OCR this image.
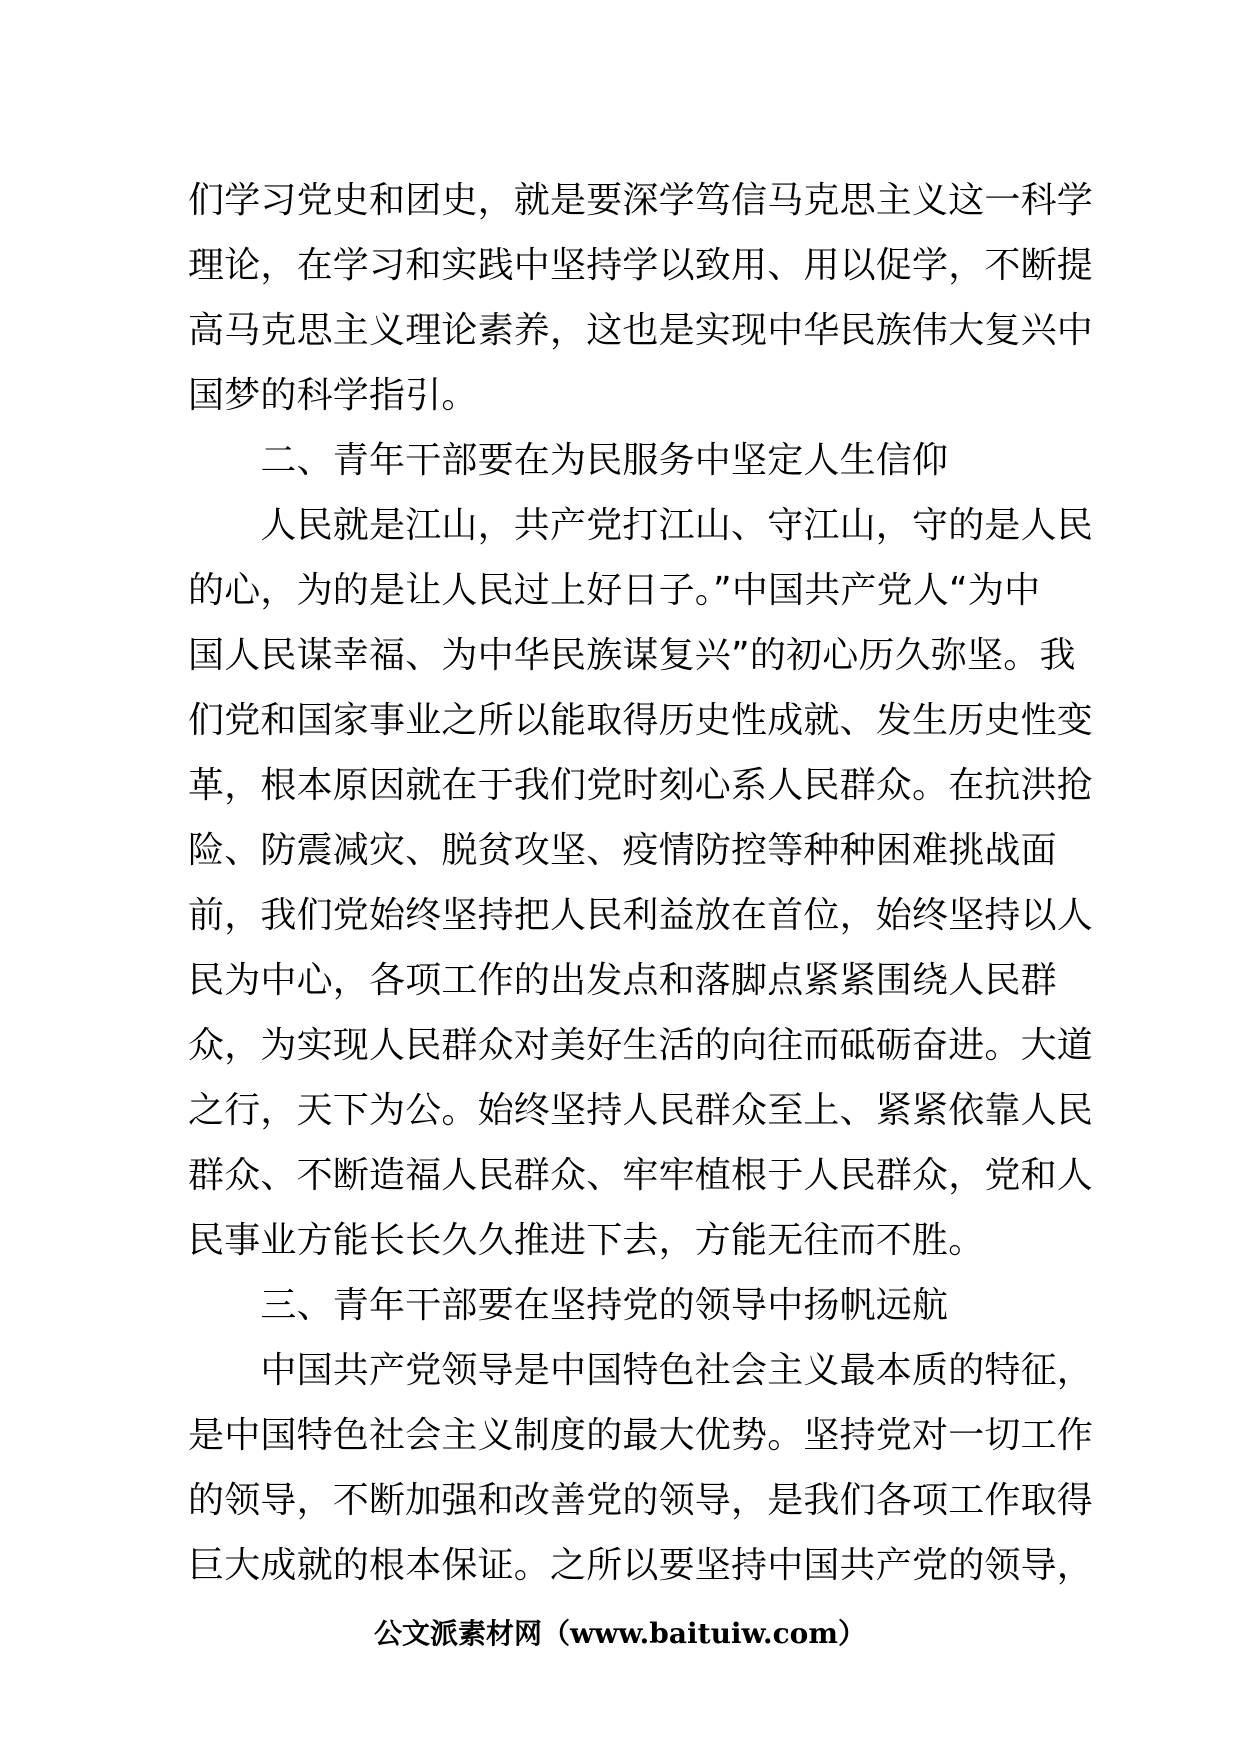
们学习党史和团史，就是要深学笃信马克思主义这一科学
理论，在学习和实践中坚持学以致用、用以促学，不断提
高马克思主义理论素养，这也是实现中华民族伟大复兴中
国梦的科学指引。
　　二、青年干部要在为民服务中坚定人生信仰
　　人民就是江山，共产党打江山、守江山，守的是人民
的心，为的是让人民过上好日子。”中国共产党人“为中
国人民谋幸福、为中华民族谋复兴”的初心历久弥坚。我
们党和国家事业之所以能取得历史性成就、发生历史性变
革，根本原因就在于我们党时刻心系人民群众。在抗洪抢
险、防震减灾、脱贫攻坚、疫情防控等种种困难挑战面
前，我们党始终坚持把人民利益放在首位，始终坚持以人
民为中心，各项工作的出发点和落脚点紧紧围绕人民群
众，为实现人民群众对美好生活的向往而砥砺奋进。大道
之行，天下为公。始终坚持人民群众至上、紧紧依靠人民
群众、不断造福人民群众、牢牢植根于人民群众，党和人
民事业方能长长久久推进下去，方能无往而不胜。
　　三、青年干部要在坚持党的领导中扬帆远航
　　中国共产党领导是中国特色社会主义最本质的特征，
是中国特色社会主义制度的最大优势。坚持党对一切工作
的领导，不断加强和改善党的领导，是我们各项工作取得
巨大成就的根本保证。之所以要坚持中国共产党的领导，
公文派素材网（www.baituiw.com）
